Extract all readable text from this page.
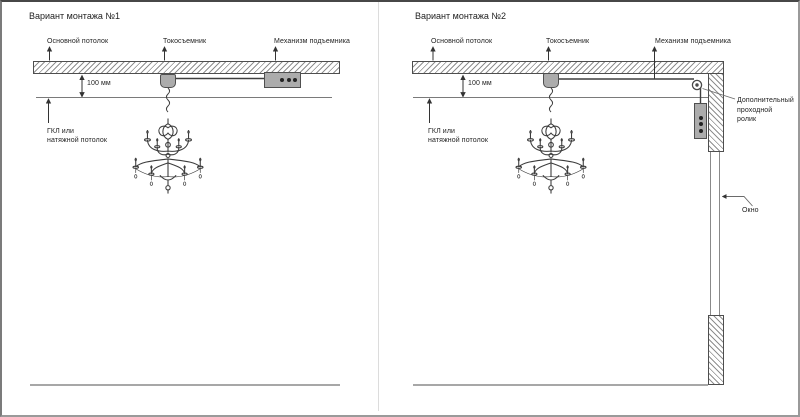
Вариант монтажа №1
Основной потолок	Токосъемник	Механизм подъемника
100 мм
ГКЛ или
натяжной потолок
Вариант монтажа №2
Основной потолок	Токосъемник	Механизм подъемника
100 мм
ГКЛ или
натяжной потолок
Дополнительный
проходной
ролик
Окно
